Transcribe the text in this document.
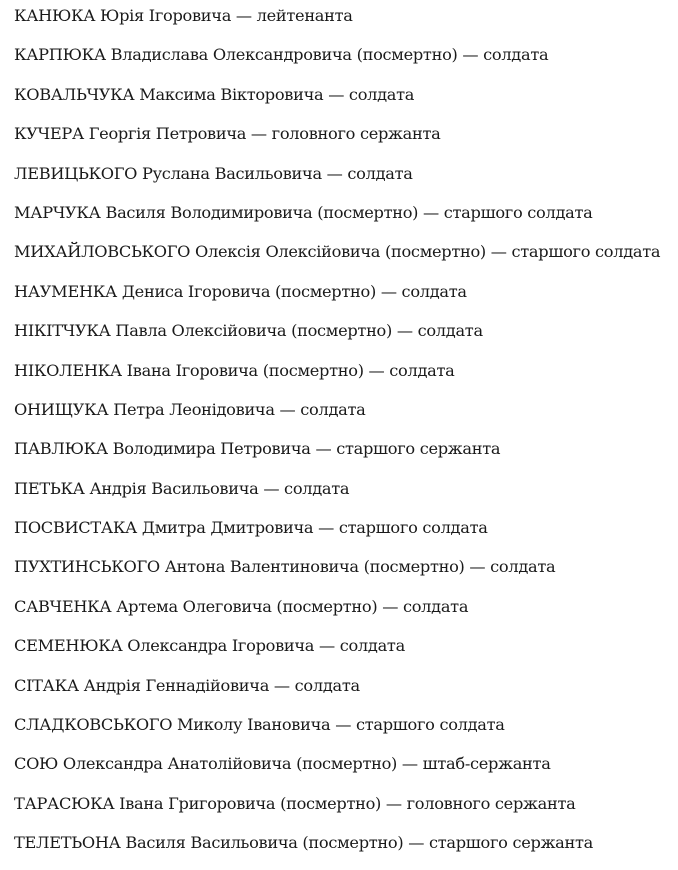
КАНЮКА Юрія Ігоровича — лейтенанта
КАРПЮКА Владислава Олександровича (посмертно) — солдата
КОВАЛЬЧУКА Максима Вікторовича — солдата
КУЧЕРА Георгія Петровича — головного сержанта
ЛЕВИЦЬКОГО Руслана Васильовича — солдата
МАРЧУКА Василя Володимировича (посмертно) — старшого солдата
МИХАЙЛОВСЬКОГО Олексія Олексійовича (посмертно) — старшого солдата
НАУМЕНКА Дениса Ігоровича (посмертно) — солдата
НІКІТЧУКА Павла Олексійовича (посмертно) — солдата
НІКОЛЕНКА Івана Ігоровича (посмертно) — солдата
ОНИЩУКА Петра Леонідовича — солдата
ПАВЛЮКА Володимира Петровича — старшого сержанта
ПЕТЬКА Андрія Васильовича — солдата
ПОСВИСТАКА Дмитра Дмитровича — старшого солдата
ПУХТИНСЬКОГО Антона Валентиновича (посмертно) — солдата
САВЧЕНКА Артема Олеговича (посмертно) — солдата
СЕМЕНЮКА Олександра Ігоровича — солдата
СІТАКА Андрія Геннадійовича — солдата
СЛАДКОВСЬКОГО Миколу Івановича — старшого солдата
СОЮ Олександра Анатолійовича (посмертно) — штаб-сержанта
ТАРАСЮКА Івана Григоровича (посмертно) — головного сержанта
ТЕЛЕТЬОНА Василя Васильовича (посмертно) — старшого сержанта
